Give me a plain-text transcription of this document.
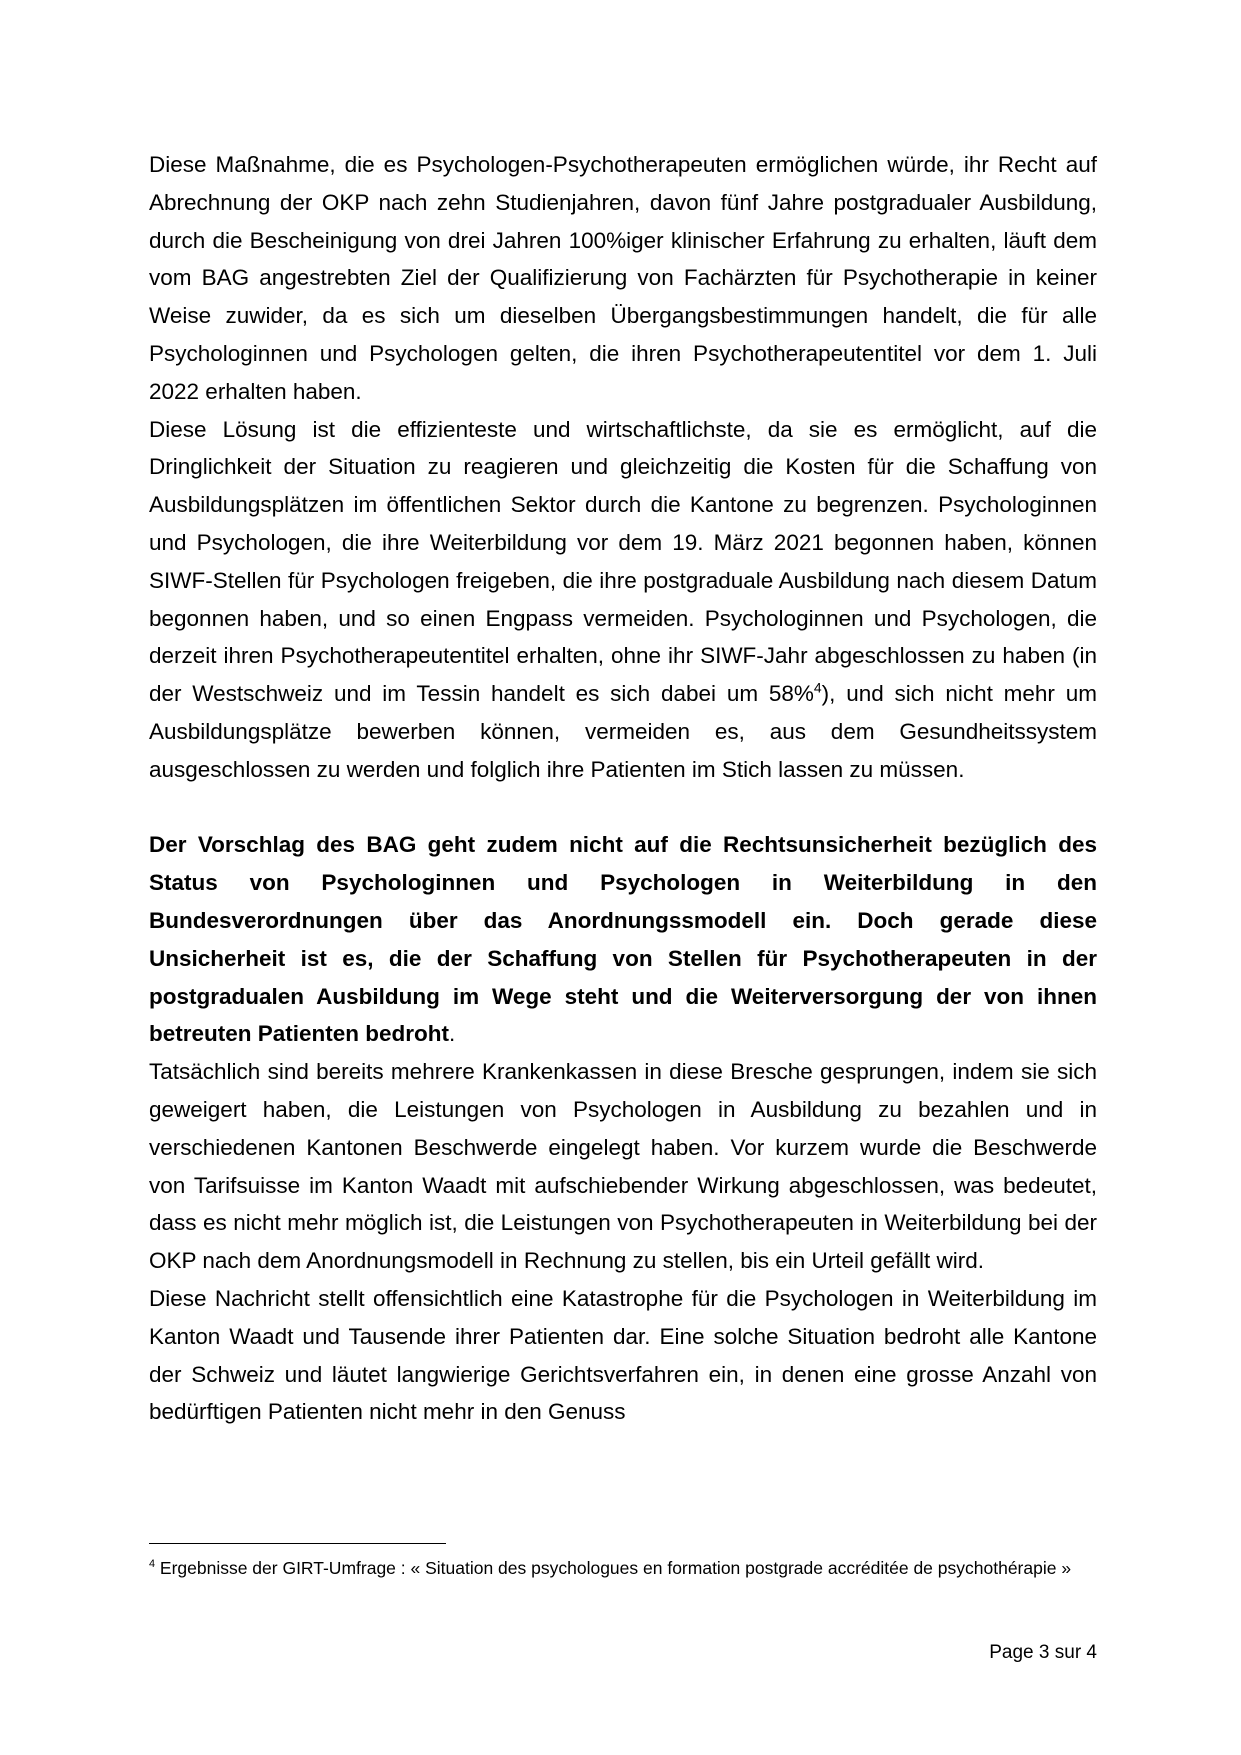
Diese Maßnahme, die es Psychologen-Psychotherapeuten ermöglichen würde, ihr Recht auf Abrechnung der OKP nach zehn Studienjahren, davon fünf Jahre postgradualer Ausbildung, durch die Bescheinigung von drei Jahren 100%iger klinischer Erfahrung zu erhalten, läuft dem vom BAG angestrebten Ziel der Qualifizierung von Fachärzten für Psychotherapie in keiner Weise zuwider, da es sich um dieselben Übergangsbestimmungen handelt, die für alle Psychologinnen und Psychologen gelten, die ihren Psychotherapeutentitel vor dem 1. Juli 2022 erhalten haben.

Diese Lösung ist die effizienteste und wirtschaftlichste, da sie es ermöglicht, auf die Dringlichkeit der Situation zu reagieren und gleichzeitig die Kosten für die Schaffung von Ausbildungsplätzen im öffentlichen Sektor durch die Kantone zu begrenzen. Psychologinnen und Psychologen, die ihre Weiterbildung vor dem 19. März 2021 begonnen haben, können SIWF-Stellen für Psychologen freigeben, die ihre postgraduale Ausbildung nach diesem Datum begonnen haben, und so einen Engpass vermeiden. Psychologinnen und Psychologen, die derzeit ihren Psychotherapeutentitel erhalten, ohne ihr SIWF-Jahr abgeschlossen zu haben (in der Westschweiz und im Tessin handelt es sich dabei um 58%$^4$), und sich nicht mehr um Ausbildungsplätze bewerben können, vermeiden es, aus dem Gesundheitssystem ausgeschlossen zu werden und folglich ihre Patienten im Stich lassen zu müssen.

Der Vorschlag des BAG geht zudem nicht auf die Rechtsunsicherheit bezüglich des Status von Psychologinnen und Psychologen in Weiterbildung in den Bundesverordnungen über das Anordnungssmodell ein. Doch gerade diese Unsicherheit ist es, die der Schaffung von Stellen für Psychotherapeuten in der postgradualen Ausbildung im Wege steht und die Weiterversorgung der von ihnen betreuten Patienten bedroht.

Tatsächlich sind bereits mehrere Krankenkassen in diese Bresche gesprungen, indem sie sich geweigert haben, die Leistungen von Psychologen in Ausbildung zu bezahlen und in verschiedenen Kantonen Beschwerde eingelegt haben. Vor kurzem wurde die Beschwerde von Tarifsuisse im Kanton Waadt mit aufschiebender Wirkung abgeschlossen, was bedeutet, dass es nicht mehr möglich ist, die Leistungen von Psychotherapeuten in Weiterbildung bei der OKP nach dem Anordnungsmodell in Rechnung zu stellen, bis ein Urteil gefällt wird.

Diese Nachricht stellt offensichtlich eine Katastrophe für die Psychologen in Weiterbildung im Kanton Waadt und Tausende ihrer Patienten dar. Eine solche Situation bedroht alle Kantone der Schweiz und läutet langwierige Gerichtsverfahren ein, in denen eine grosse Anzahl von bedürftigen Patienten nicht mehr in den Genuss

$^4$ Ergebnisse der GIRT-Umfrage : « Situation des psychologues en formation postgrade accréditée de psychothérapie »
Page 3 sur 4
